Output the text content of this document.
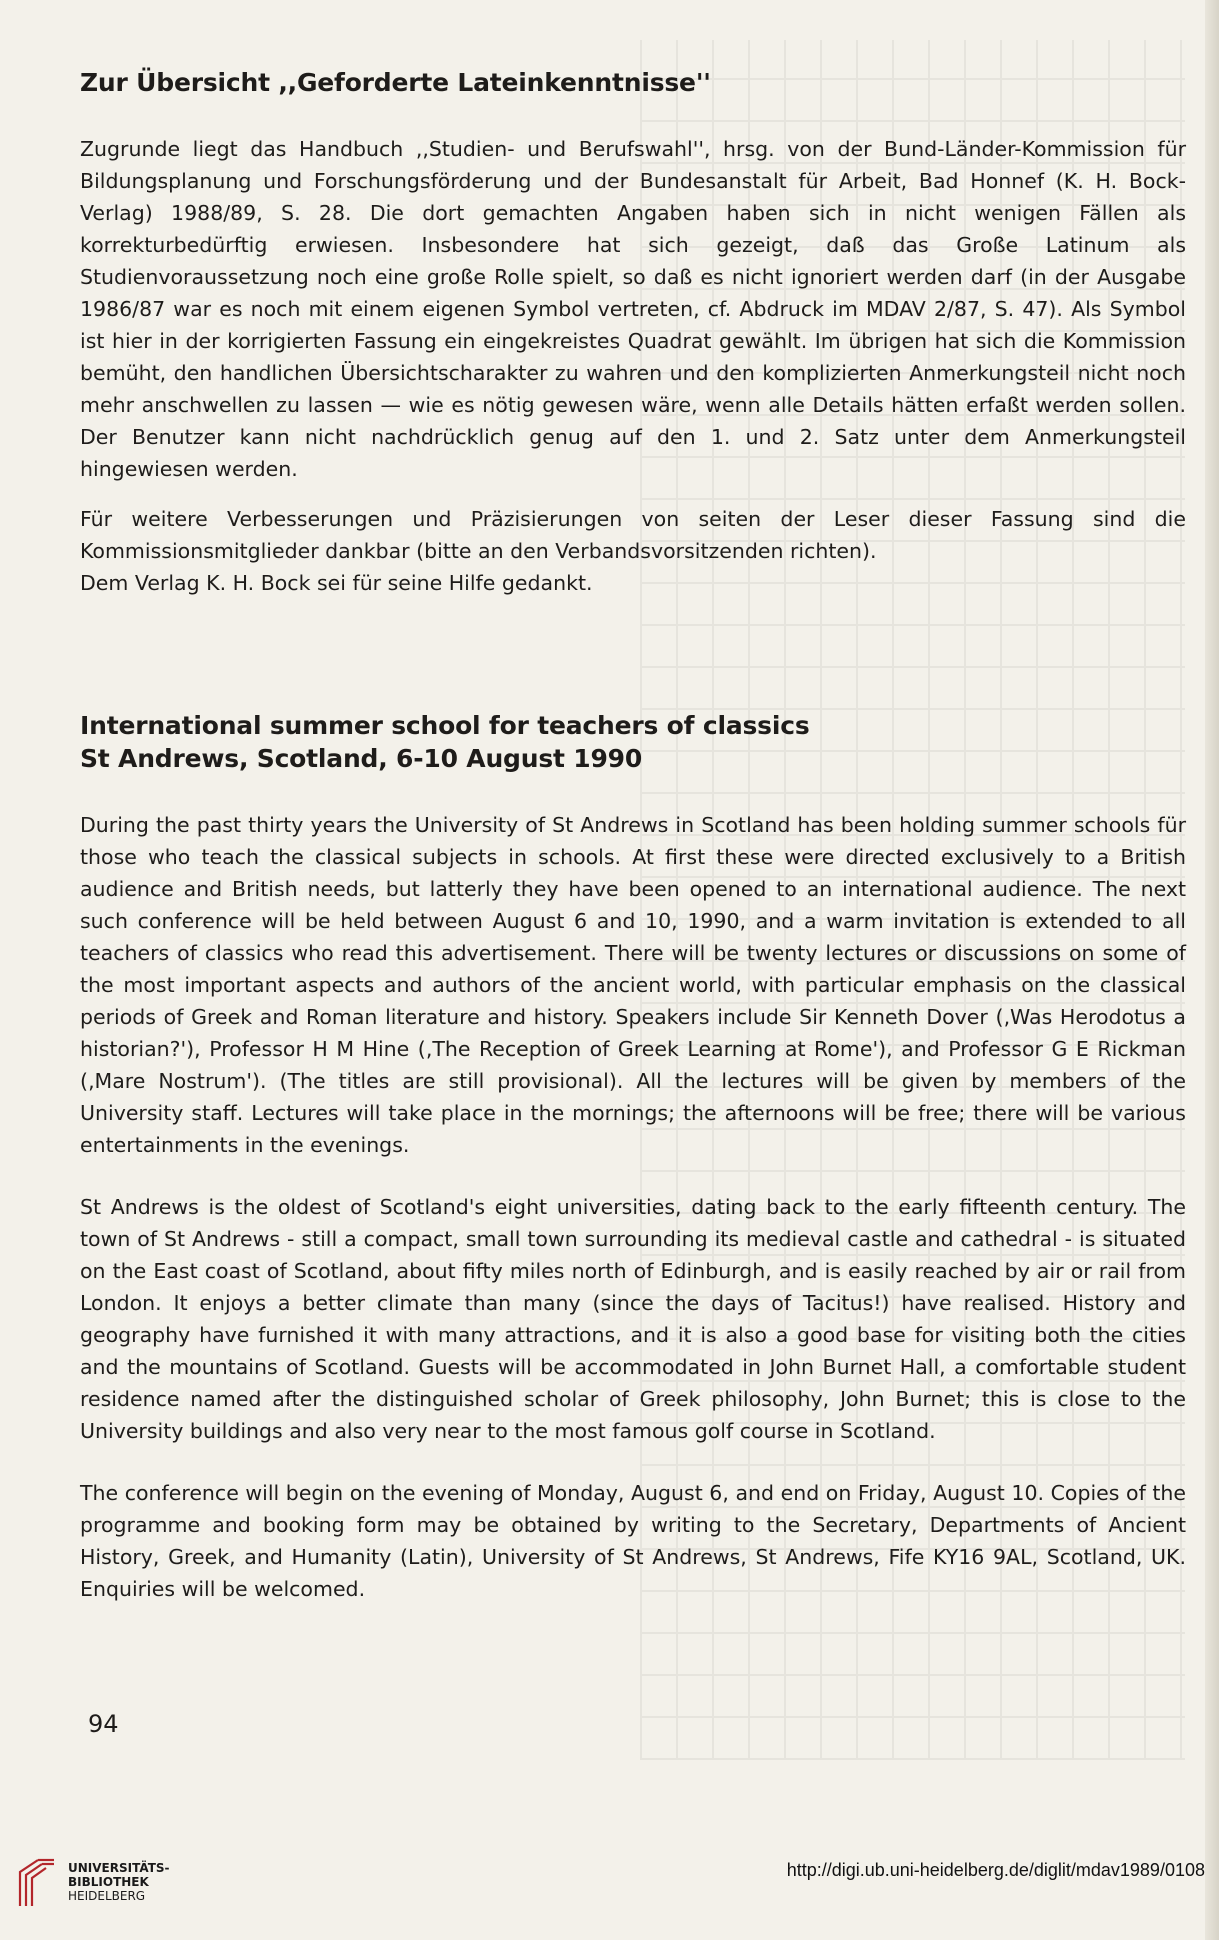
Zur Übersicht ,,Geforderte Lateinkenntnisse''

Zugrunde liegt das Handbuch ,,Studien- und Berufswahl'', hrsg. von der Bund-Länder-Kommission für Bildungsplanung und Forschungsförderung und der Bundesanstalt für Arbeit, Bad Honnef (K. H. Bock-Verlag) 1988/89, S. 28. Die dort gemachten Angaben haben sich in nicht wenigen Fällen als korrekturbedürftig erwiesen. Insbesondere hat sich gezeigt, daß das Große Latinum als Studienvoraussetzung noch eine große Rolle spielt, so daß es nicht ignoriert werden darf (in der Ausgabe 1986/87 war es noch mit einem eigenen Symbol vertreten, cf. Abdruck im MDAV 2/87, S. 47). Als Symbol ist hier in der korrigierten Fassung ein eingekreistes Quadrat gewählt. Im übrigen hat sich die Kommission bemüht, den handlichen Übersichtscharakter zu wahren und den komplizierten Anmerkungsteil nicht noch mehr anschwellen zu lassen — wie es nötig gewesen wäre, wenn alle Details hätten erfaßt werden sollen. Der Benutzer kann nicht nachdrücklich genug auf den 1. und 2. Satz unter dem Anmerkungsteil hingewiesen werden.

Für weitere Verbesserungen und Präzisierungen von seiten der Leser dieser Fassung sind die Kommissionsmitglieder dankbar (bitte an den Verbandsvorsitzenden richten).

Dem Verlag K. H. Bock sei für seine Hilfe gedankt.

International summer school for teachers of classics
St Andrews, Scotland, 6-10 August 1990

During the past thirty years the University of St Andrews in Scotland has been holding summer schools für those who teach the classical subjects in schools. At first these were directed exclusively to a British audience and British needs, but latterly they have been opened to an international audience. The next such conference will be held between August 6 and 10, 1990, and a warm invitation is extended to all teachers of classics who read this advertisement. There will be twenty lectures or discussions on some of the most important aspects and authors of the ancient world, with particular emphasis on the classical periods of Greek and Roman literature and history. Speakers include Sir Kenneth Dover (‚Was Herodotus a historian?'), Professor H M Hine (‚The Reception of Greek Learning at Rome'), and Professor G E Rickman (‚Mare Nostrum'). (The titles are still provisional). All the lectures will be given by members of the University staff. Lectures will take place in the mornings; the afternoons will be free; there will be various entertainments in the evenings.

St Andrews is the oldest of Scotland's eight universities, dating back to the early fifteenth century. The town of St Andrews - still a compact, small town surrounding its medieval castle and cathedral - is situated on the East coast of Scotland, about fifty miles north of Edinburgh, and is easily reached by air or rail from London. It enjoys a better climate than many (since the days of Tacitus!) have realised. History and geography have furnished it with many attractions, and it is also a good base for visiting both the cities and the mountains of Scotland. Guests will be accommodated in John Burnet Hall, a comfortable student residence named after the distinguished scholar of Greek philosophy, John Burnet; this is close to the University buildings and also very near to the most famous golf course in Scotland.

The conference will begin on the evening of Monday, August 6, and end on Friday, August 10. Copies of the programme and booking form may be obtained by writing to the Secretary, Departments of Ancient History, Greek, and Humanity (Latin), University of St Andrews, St Andrews, Fife KY16 9AL, Scotland, UK. Enquiries will be welcomed.

94
UNIVERSITÄTS-
BIBLIOTHEK
HEIDELBERG
http://digi.ub.uni-heidelberg.de/diglit/mdav1989/0108
